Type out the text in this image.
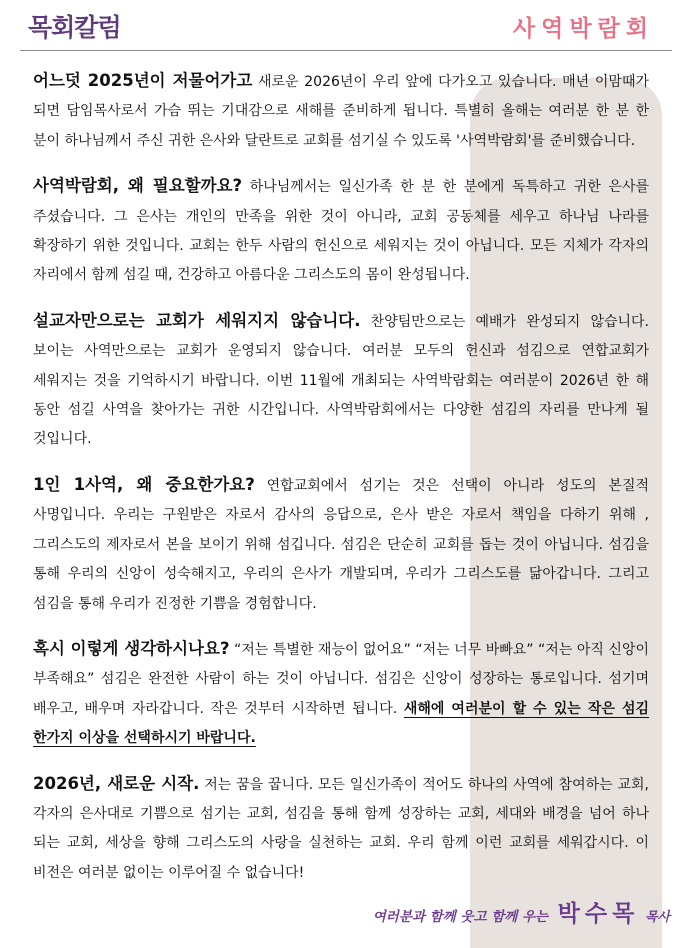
목회칼럼	사역박람회

어느덧 2025년이 저물어가고 새로운 2026년이 우리 앞에 다가오고 있습니다. 매년 이맘때가 되면 담임목사로서 가슴 뛰는 기대감으로 새해를 준비하게 됩니다. 특별히 올해는 여러분 한 분 한 분이 하나님께서 주신 귀한 은사와 달란트로 교회를 섬기실 수 있도록 '사역박람회'를 준비했습니다.

사역박람회, 왜 필요할까요? 하나님께서는 일신가족 한 분 한 분에게 독특하고 귀한 은사를 주셨습니다. 그 은사는 개인의 만족을 위한 것이 아니라, 교회 공동체를 세우고 하나님 나라를 확장하기 위한 것입니다. 교회는 한두 사람의 헌신으로 세워지는 것이 아닙니다. 모든 지체가 각자의 자리에서 함께 섬길 때, 건강하고 아름다운 그리스도의 몸이 완성됩니다.

설교자만으로는 교회가 세워지지 않습니다. 찬양팀만으로는 예배가 완성되지 않습니다. 보이는 사역만으로는 교회가 운영되지 않습니다. 여러분 모두의 헌신과 섬김으로 연합교회가 세워지는 것을 기억하시기 바랍니다. 이번 11월에 개최되는 사역박람회는 여러분이 2026년 한 해 동안 섬길 사역을 찾아가는 귀한 시간입니다. 사역박람회에서는 다양한 섬김의 자리를 만나게 될 것입니다.

1인 1사역, 왜 중요한가요? 연합교회에서 섬기는 것은 선택이 아니라 성도의 본질적 사명입니다. 우리는 구원받은 자로서 감사의 응답으로, 은사 받은 자로서 책임을 다하기 위해 , 그리스도의 제자로서 본을 보이기 위해 섬깁니다. 섬김은 단순히 교회를 돕는 것이 아닙니다. 섬김을 통해 우리의 신앙이 성숙해지고, 우리의 은사가 개발되며, 우리가 그리스도를 닮아갑니다. 그리고 섬김을 통해 우리가 진정한 기쁨을 경험합니다.

혹시 이렇게 생각하시나요? “저는 특별한 재능이 없어요” “저는 너무 바빠요” “저는 아직 신앙이 부족해요” 섬김은 완전한 사람이 하는 것이 아닙니다. 섬김은 신앙이 성장하는 통로입니다. 섬기며 배우고, 배우며 자라갑니다. 작은 것부터 시작하면 됩니다. 새해에 여러분이 할 수 있는 작은 섬김 한가지 이상을 선택하시기 바랍니다.

2026년, 새로운 시작. 저는 꿈을 꿉니다. 모든 일신가족이 적어도 하나의 사역에 참여하는 교회, 각자의 은사대로 기쁨으로 섬기는 교회, 섬김을 통해 함께 성장하는 교회, 세대와 배경을 넘어 하나 되는 교회, 세상을 향해 그리스도의 사랑을 실천하는 교회. 우리 함께 이런 교회를 세워갑시다. 이 비전은 여러분 없이는 이루어질 수 없습니다!

여러분과 함께 웃고 함께 우는 박수목 목사
